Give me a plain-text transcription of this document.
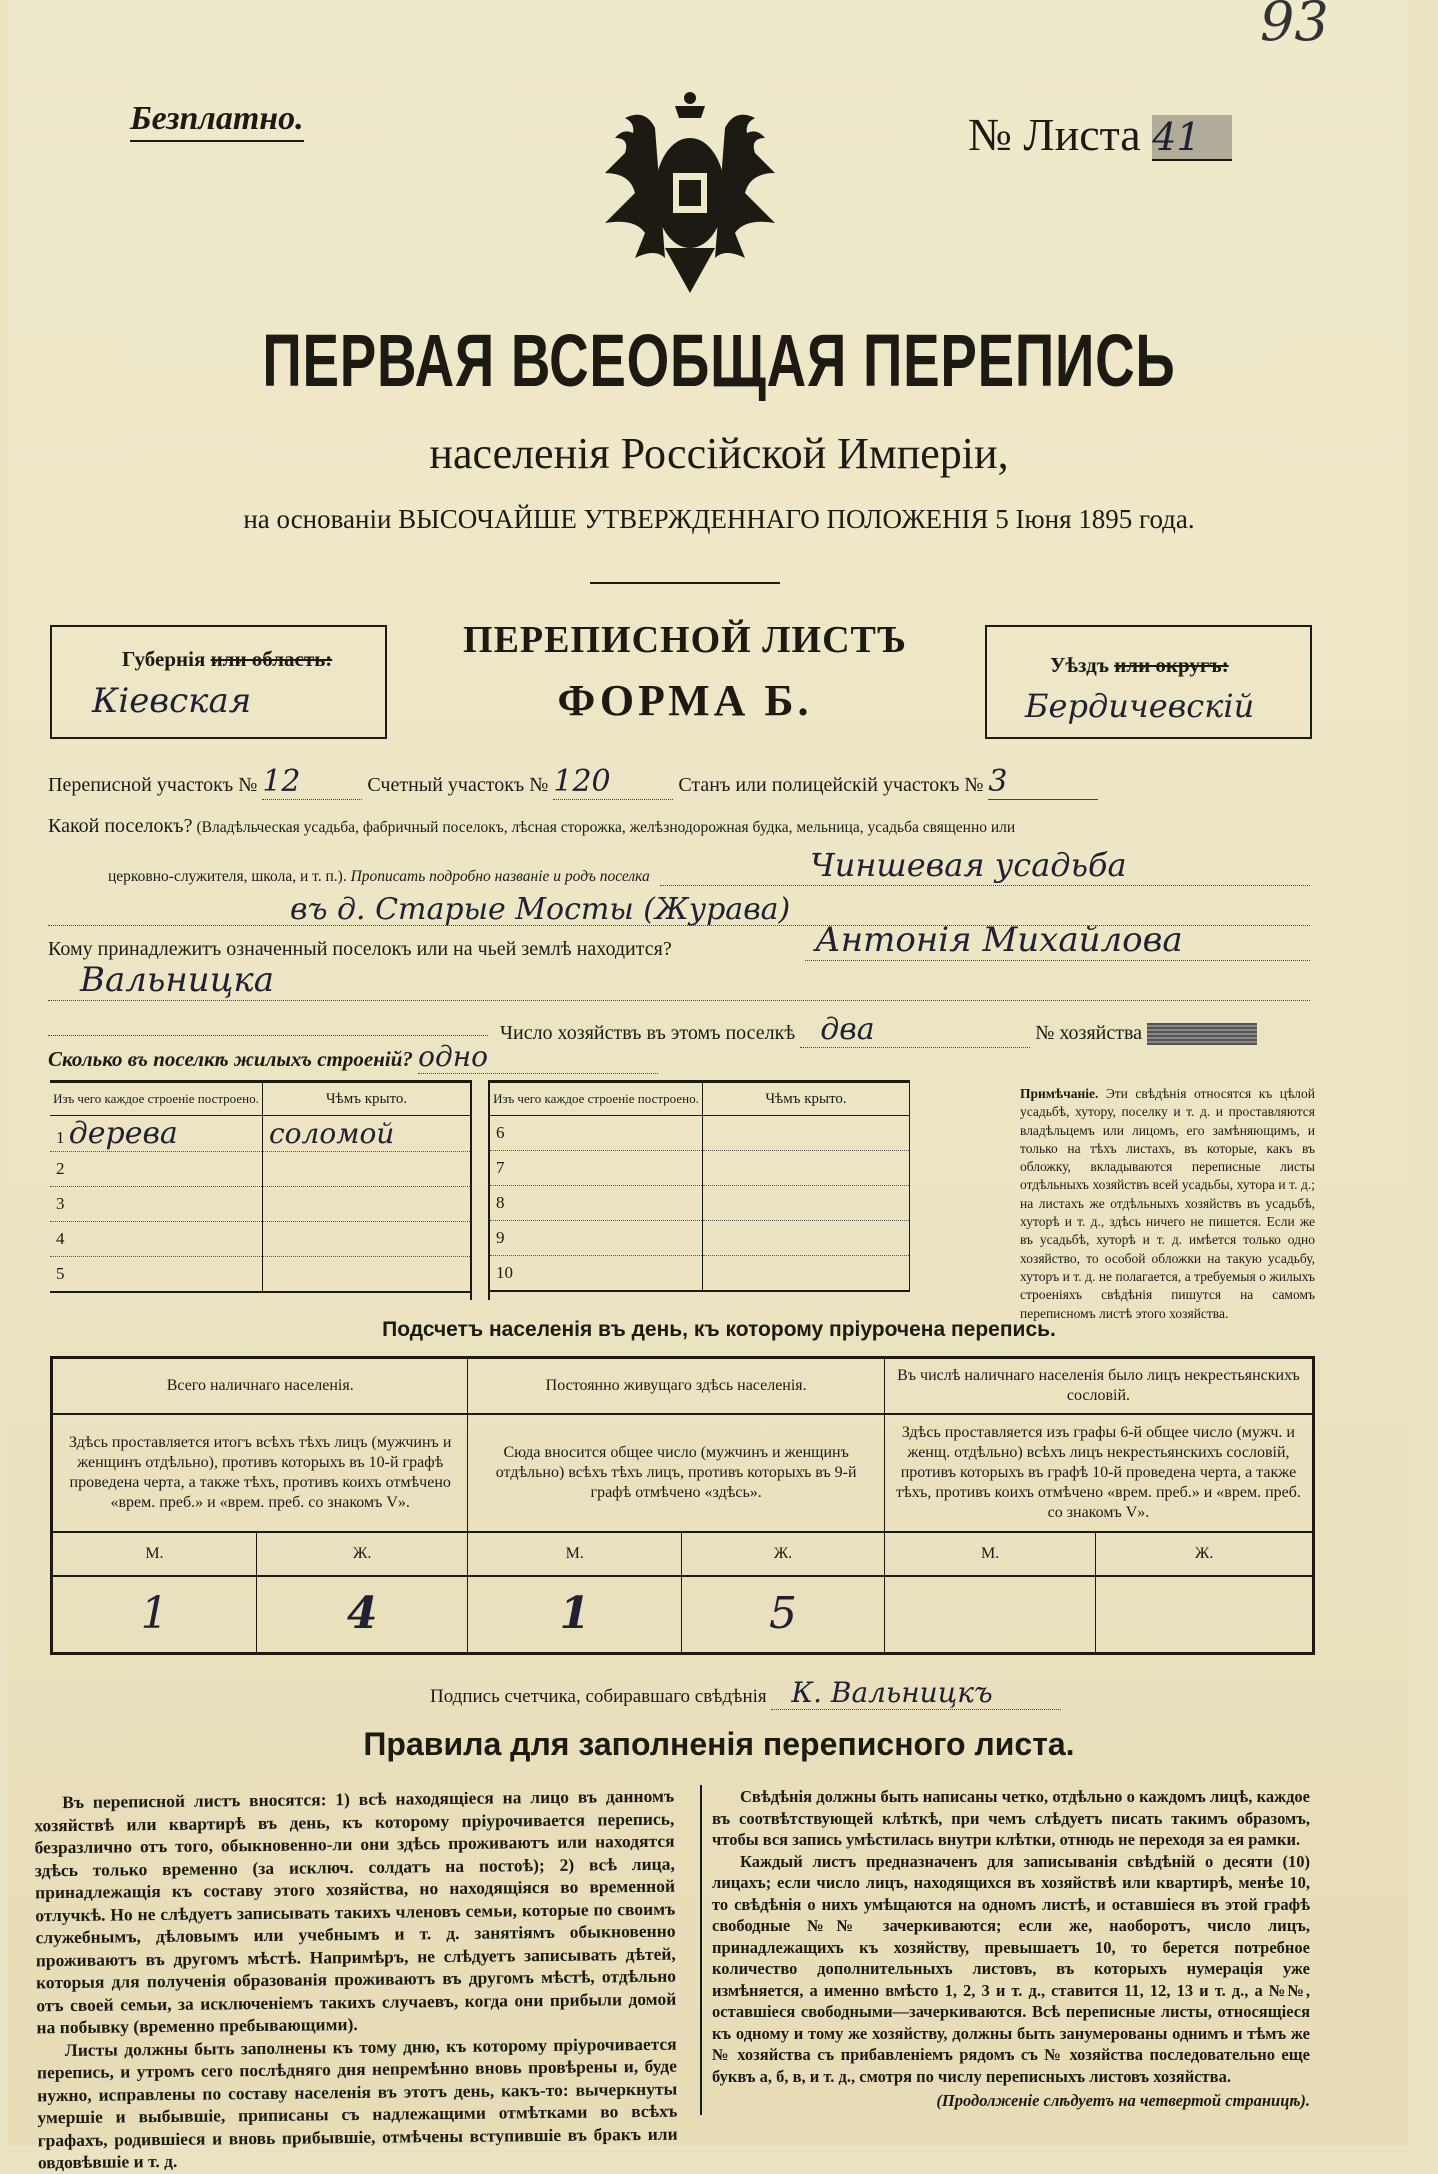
93
Безплатно.	№ Листа 41
ПЕРВАЯ ВСЕОБЩАЯ ПЕРЕПИСЬ
населенія Россійской Имперіи,
на основаніи ВЫСОЧАЙШЕ УТВЕРЖДЕННАГО ПОЛОЖЕНІЯ 5 Іюня 1895 года.
Губернія или область:
Кіевская
ПЕРЕПИСНОЙ ЛИСТЪ
ФОРМА Б.
Уѣздъ или округъ:
Бердичевскій
Переписной участокъ № 12	Счетный участокъ № 120	Станъ или полицейскій участокъ № 3
Какой поселокъ? (Владѣльческая усадьба, фабричный поселокъ, лѣсная сторожка, желѣзнодорожная будка, мельница, усадьба священно или
церковно-служителя, школа, и т. п.). Прописать подробно названіе и родъ поселка	Чиншевая усадьба
въ д. Старые Мосты (Журава)
Кому принадлежитъ означенный поселокъ или на чьей землѣ находится?	Антонія Михайлова
Вальницка
Число хозяйствъ въ этомъ поселкѣ два	№ хозяйства
Сколько въ поселкѣ жилыхъ строеній? одно
Изъ чего каждое строеніе построено.	Чѣмъ крыто.
1 дерева	соломой
2	
3	
4	
5	
Изъ чего каждое строеніе построено.	Чѣмъ крыто.
6	
7	
8	
9	
10	
Примѣчаніе. Эти свѣдѣнія относятся къ цѣлой усадьбѣ, хутору, поселку и т. д. и проставляются владѣльцемъ или лицомъ, его замѣняющимъ, и только на тѣхъ листахъ, въ которые, какъ въ обложку, вкладываются переписные листы отдѣльныхъ хозяйствъ всей усадьбы, хутора и т. д.; на листахъ же отдѣльныхъ хозяйствъ въ усадьбѣ, хуторѣ и т. д., здѣсь ничего не пишется. Если же въ усадьбѣ, хуторѣ и т. д. имѣется только одно хозяйство, то особой обложки на такую усадьбу, хуторъ и т. д. не полагается, а требуемыя о жилыхъ строеніяхъ свѣдѣнія пишутся на самомъ переписномъ листѣ этого хозяйства.
Подсчетъ населенія въ день, къ которому пріурочена перепись.
Всего наличнаго населенія.		Постоянно живущаго здѣсь населенія.		Въ числѣ наличнаго населенія было лицъ некрестьянскихъ сословій.	
Здѣсь проставляется итогъ всѣхъ тѣхъ лицъ (мужчинъ и женщинъ отдѣльно), противъ которыхъ въ 10-й графѣ проведена черта, а также тѣхъ, противъ коихъ отмѣчено «врем. преб.» и «врем. преб. со знакомъ V».		Сюда вносится общее число (мужчинъ и женщинъ отдѣльно) всѣхъ тѣхъ лицъ, противъ которыхъ въ 9-й графѣ отмѣчено «здѣсь».		Здѣсь проставляется изъ графы 6-й общее число (мужч. и женщ. отдѣльно) всѣхъ лицъ некрестьянскихъ сословій, противъ которыхъ въ графѣ 10-й проведена черта, а также тѣхъ, противъ коихъ отмѣчено «врем. преб.» и «врем. преб. со знакомъ V».	
М.	Ж.	М.	Ж.	М.	Ж.
1	4	1	5		
Подпись счетчика, собиравшаго свѣдѣнія К. Вальницкъ
Правила для заполненія переписного листа.

Въ переписной листъ вносятся: 1) всѣ находящіеся на лицо въ данномъ хозяйствѣ или квартирѣ въ день, къ которому пріурочивается перепись, безразлично отъ того, обыкновенно-ли они здѣсь проживаютъ или находятся здѣсь только временно (за исключ. солдатъ на постоѣ); 2) всѣ лица, принадлежащія къ составу этого хозяйства, но находящіяся во временной отлучкѣ. Но не слѣдуетъ записывать такихъ членовъ семьи, которые по своимъ служебнымъ, дѣловымъ или учебнымъ и т. д. занятіямъ обыкновенно проживаютъ въ другомъ мѣстѣ. Напримѣръ, не слѣдуетъ записывать дѣтей, которыя для полученія образованія проживаютъ въ другомъ мѣстѣ, отдѣльно отъ своей семьи, за исключеніемъ такихъ случаевъ, когда они прибыли домой на побывку (временно пребывающими).

Листы должны быть заполнены къ тому дню, къ которому пріурочивается перепись, и утромъ сего послѣдняго дня непремѣнно вновь провѣрены и, буде нужно, исправлены по составу населенія въ этотъ день, какъ-то: вычеркнуты умершіе и выбывшіе, приписаны съ надлежащими отмѣтками во всѣхъ графахъ, родившіеся и вновь прибывшіе, отмѣчены вступившіе въ бракъ или овдовѣвшіе и т. д.

Свѣдѣнія должны быть написаны четко, отдѣльно о каждомъ лицѣ, каждое въ соотвѣтствующей клѣткѣ, при чемъ слѣдуетъ писать такимъ образомъ, чтобы вся запись умѣстилась внутри клѣтки, отнюдь не переходя за ея рамки.

Каждый листъ предназначенъ для записыванія свѣдѣній о десяти (10) лицахъ; если число лицъ, находящихся въ хозяйствѣ или квартирѣ, менѣе 10, то свѣдѣнія о нихъ умѣщаются на одномъ листѣ, и оставшіеся въ этой графѣ свободные №№ зачеркиваются; если же, наоборотъ, число лицъ, принадлежащихъ къ хозяйству, превышаетъ 10, то берется потребное количество дополнительныхъ листовъ, въ которыхъ нумерація уже измѣняется, а именно вмѣсто 1, 2, 3 и т. д., ставится 11, 12, 13 и т. д., а №№, оставшіеся свободными—зачеркиваются. Всѣ переписные листы, относящіеся къ одному и тому же хозяйству, должны быть занумерованы однимъ и тѣмъ же № хозяйства съ прибавленіемъ рядомъ съ № хозяйства последовательно еще буквъ а, б, в, и т. д., смотря по числу переписныхъ листовъ хозяйства.

(Продолженіе слѣдуетъ на четвертой страницѣ).
